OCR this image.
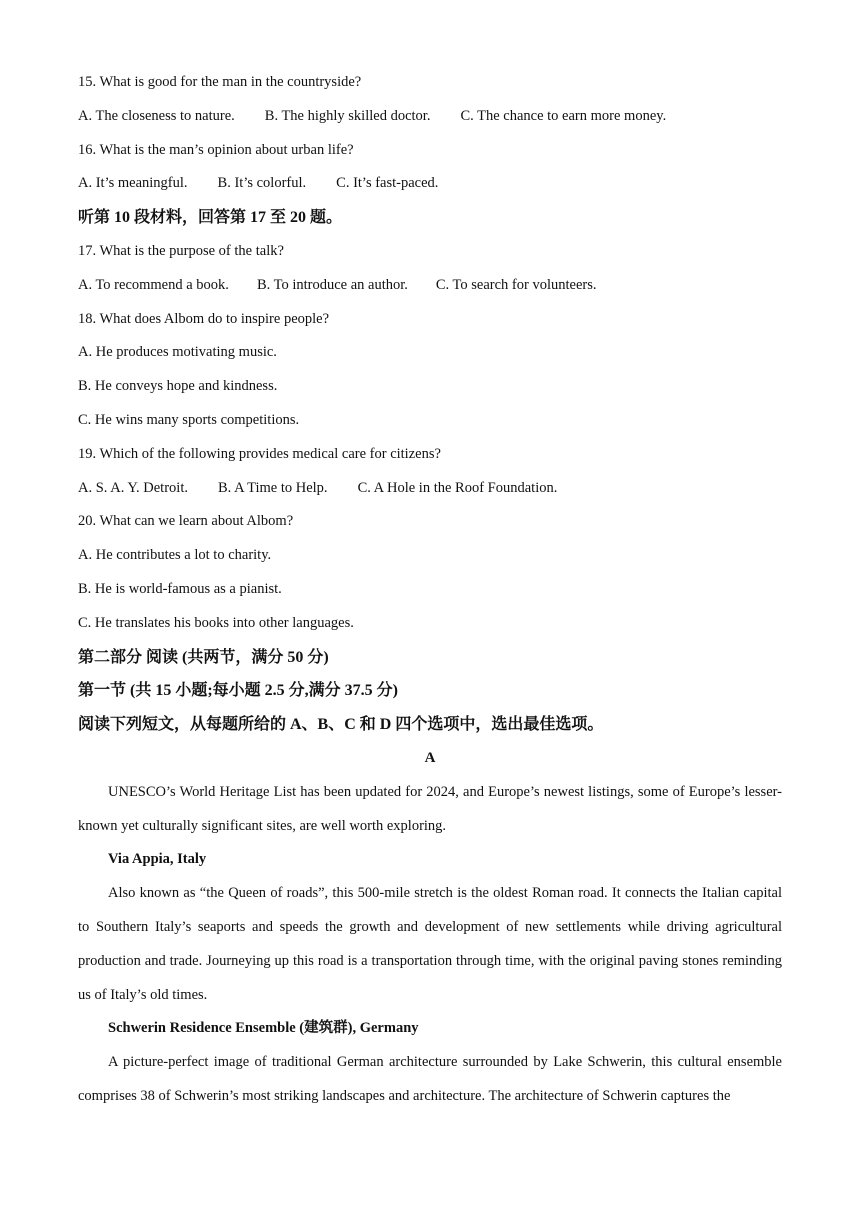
15. What is good for the man in the countryside?
A. The closeness to nature. B. The highly skilled doctor. C. The chance to earn more money.
16. What is the man’s opinion about urban life?
A. It’s meaningful. B. It’s colorful. C. It’s fast-paced.
听第 10 段材料，回答第 17 至 20 题。
17. What is the purpose of the talk?
A. To recommend a book. B. To introduce an author. C. To search for volunteers.
18. What does Albom do to inspire people?
A. He produces motivating music.
B. He conveys hope and kindness.
C. He wins many sports competitions.
19. Which of the following provides medical care for citizens?
A. S. A. Y. Detroit. B. A Time to Help. C. A Hole in the Roof Foundation.
20. What can we learn about Albom?
A. He contributes a lot to charity.
B. He is world-famous as a pianist.
C. He translates his books into other languages.
第二部分 阅读 (共两节，满分 50 分)
第一节 (共 15 小题;每小题 2.5 分,满分 37.5 分)
阅读下列短文，从每题所给的 A、B、C 和 D 四个选项中，选出最佳选项。
A
UNESCO’s World Heritage List has been updated for 2024, and Europe’s newest listings, some of Europe’s lesser-known yet culturally significant sites, are well worth exploring.
Via Appia, Italy
Also known as “the Queen of roads”, this 500-mile stretch is the oldest Roman road. It connects the Italian capital to Southern Italy’s seaports and speeds the growth and development of new settlements while driving agricultural production and trade. Journeying up this road is a transportation through time, with the original paving stones reminding us of Italy’s old times.
Schwerin Residence Ensemble (建筑群), Germany
A picture-perfect image of traditional German architecture surrounded by Lake Schwerin, this cultural ensemble comprises 38 of Schwerin’s most striking landscapes and architecture. The architecture of Schwerin captures the
